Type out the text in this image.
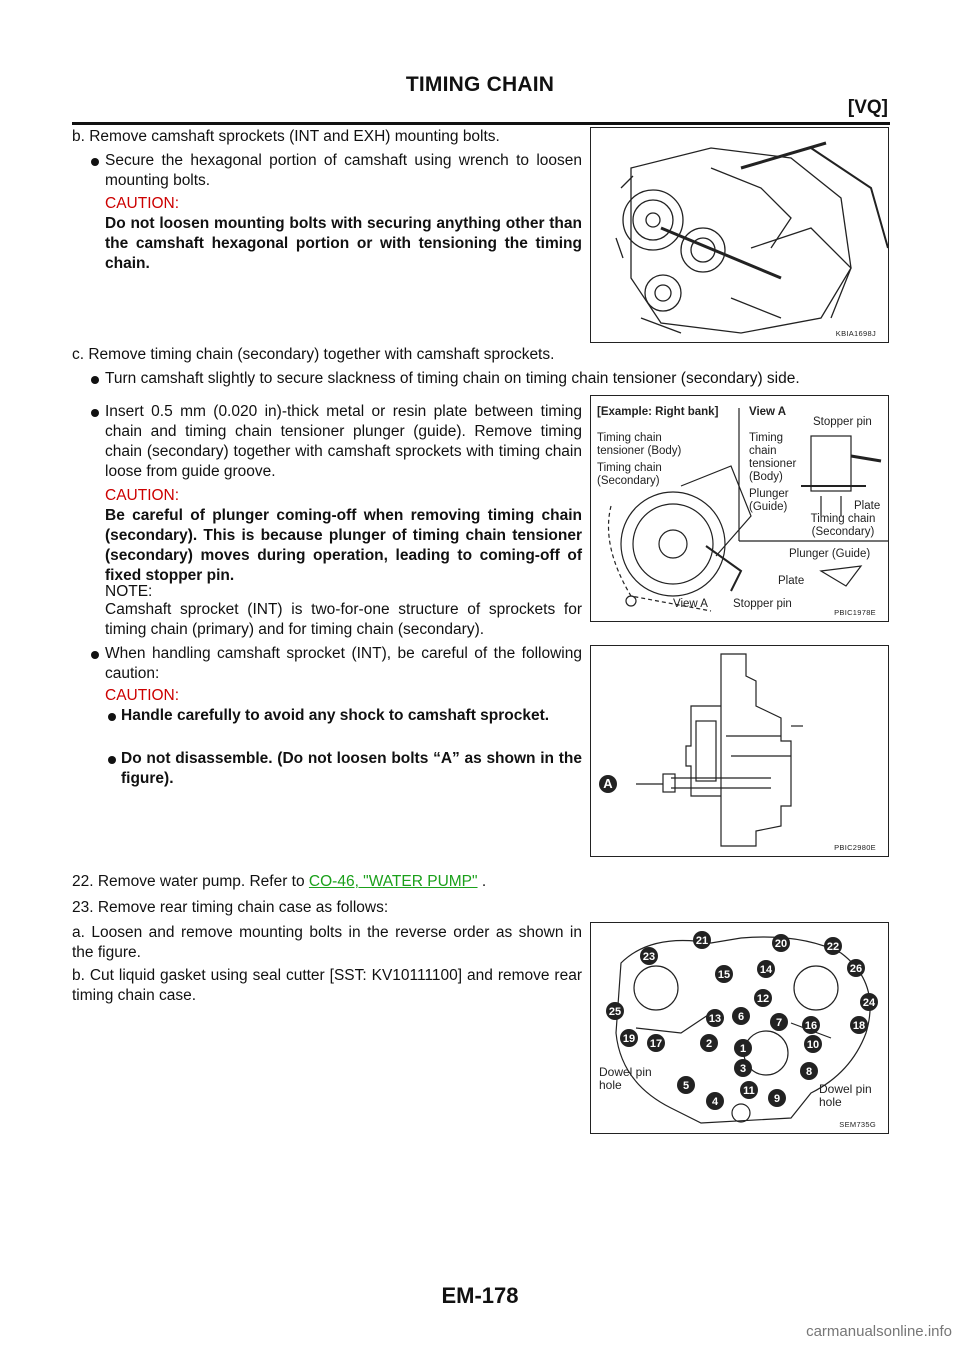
TIMING CHAIN
[VQ]
b. Remove camshaft sprockets (INT and EXH) mounting bolts.
Secure the hexagonal portion of camshaft using wrench to loosen mounting bolts.
CAUTION:
Do not loosen mounting bolts with securing anything other than the camshaft hexagonal portion or with tensioning the timing chain.
KBIA1698J
c. Remove timing chain (secondary) together with camshaft sprockets.
Turn camshaft slightly to secure slackness of timing chain on timing chain tensioner (secondary) side.
Insert 0.5 mm (0.020 in)-thick metal or resin plate between timing chain and timing chain tensioner plunger (guide). Remove timing chain (secondary) together with camshaft sprockets with timing chain loose from guide groove.
CAUTION:
Be careful of plunger coming-off when removing timing chain (secondary). This is because plunger of timing chain tensioner (secondary) moves during operation, leading to coming-off of fixed stopper pin.
NOTE:
Camshaft sprocket (INT) is two-for-one structure of sprockets for timing chain (primary) and for timing chain (secondary).
When handling camshaft sprocket (INT), be careful of the following caution:
CAUTION:
Handle carefully to avoid any shock to camshaft sprocket.
Do not disassemble. (Do not loosen bolts “A” as shown in the figure).
[Example: Right bank]	View A
Stopper pin
Timing chain tensioner (Body)
Timing chain (Secondary)
Timing chain tensioner (Body)
Plunger (Guide)	Plate
Timing chain (Secondary)
Plunger (Guide)
Plate
View A Stopper pin
PBIC1978E
A
PBIC2980E
22. Remove water pump. Refer to CO-46, "WATER PUMP" .
23. Remove rear timing chain case as follows:
a. Loosen and remove mounting bolts in the reverse order as shown in the figure.
b. Cut liquid gasket using seal cutter [SST: KV10111100] and remove rear timing chain case.
1
2
3
4
5
6	7
8
9
10
11
12
13
14
15
16
17
18
19
20
21	22
23
24
25
26
Dowel pin hole	Dowel pin hole
SEM735G
EM-178
carmanualsonline.info
